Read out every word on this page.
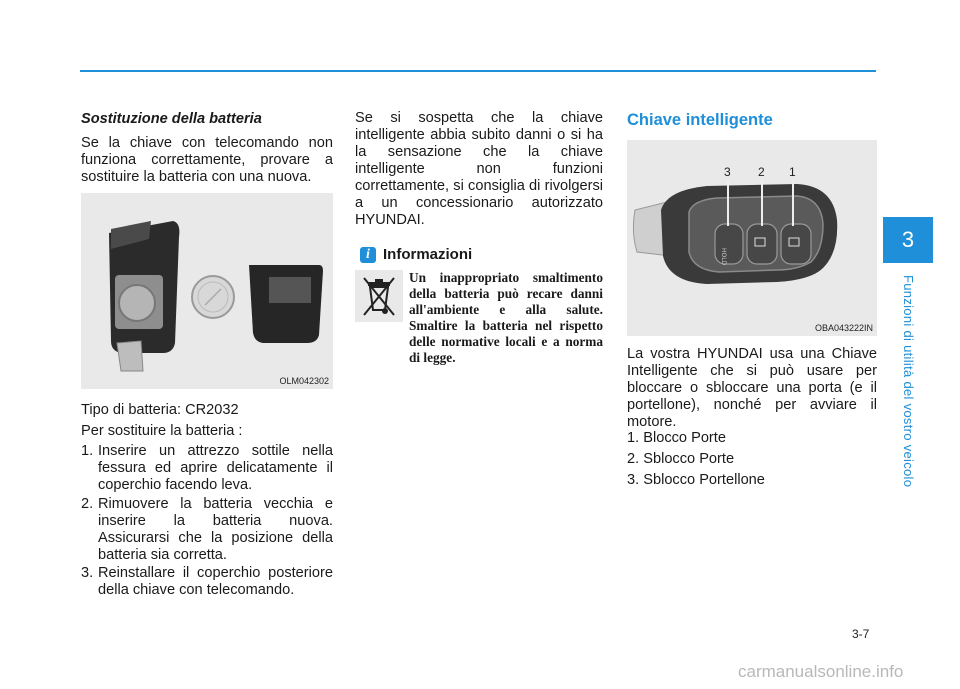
3
Funzioni di utilità del vostro veicolo
Sostituzione della batteria
Se la chiave con telecomando non funziona correttamente, provare a sostituire la batteria con una nuova.
OLM042302
Tipo di batteria: CR2032
Per sostituire la batteria :
1. Inserire un attrezzo sottile nella fessura ed aprire delicatamente il coperchio facendo leva.
2. Rimuovere la batteria vecchia e inserire la batteria nuova. Assicurarsi che la posizione della batteria sia corretta.
3. Reinstallare il coperchio posteriore della chiave con telecomando.
Se si sospetta che la chiave intelligente abbia subito danni o si ha la sensazione che la chiave intelligente non funzioni correttamente, si consiglia di rivolgersi a un concessionario autorizzato HYUNDAI.
i Informazioni
Un inappropriato smaltimento della batteria può recare danni all'ambiente e alla salute. Smaltire la batteria nel rispetto delle normative locali e a norma di legge.
Chiave intelligente
HOLD
3 2 1
OBA043222IN
La vostra HYUNDAI usa una Chiave Intelligente che si può usare per bloccare o sbloccare una porta (e il portellone), nonché per avviare il motore.
1. Blocco Porte
2. Sblocco Porte
3. Sblocco Portellone
3-7
carmanualsonline.info
